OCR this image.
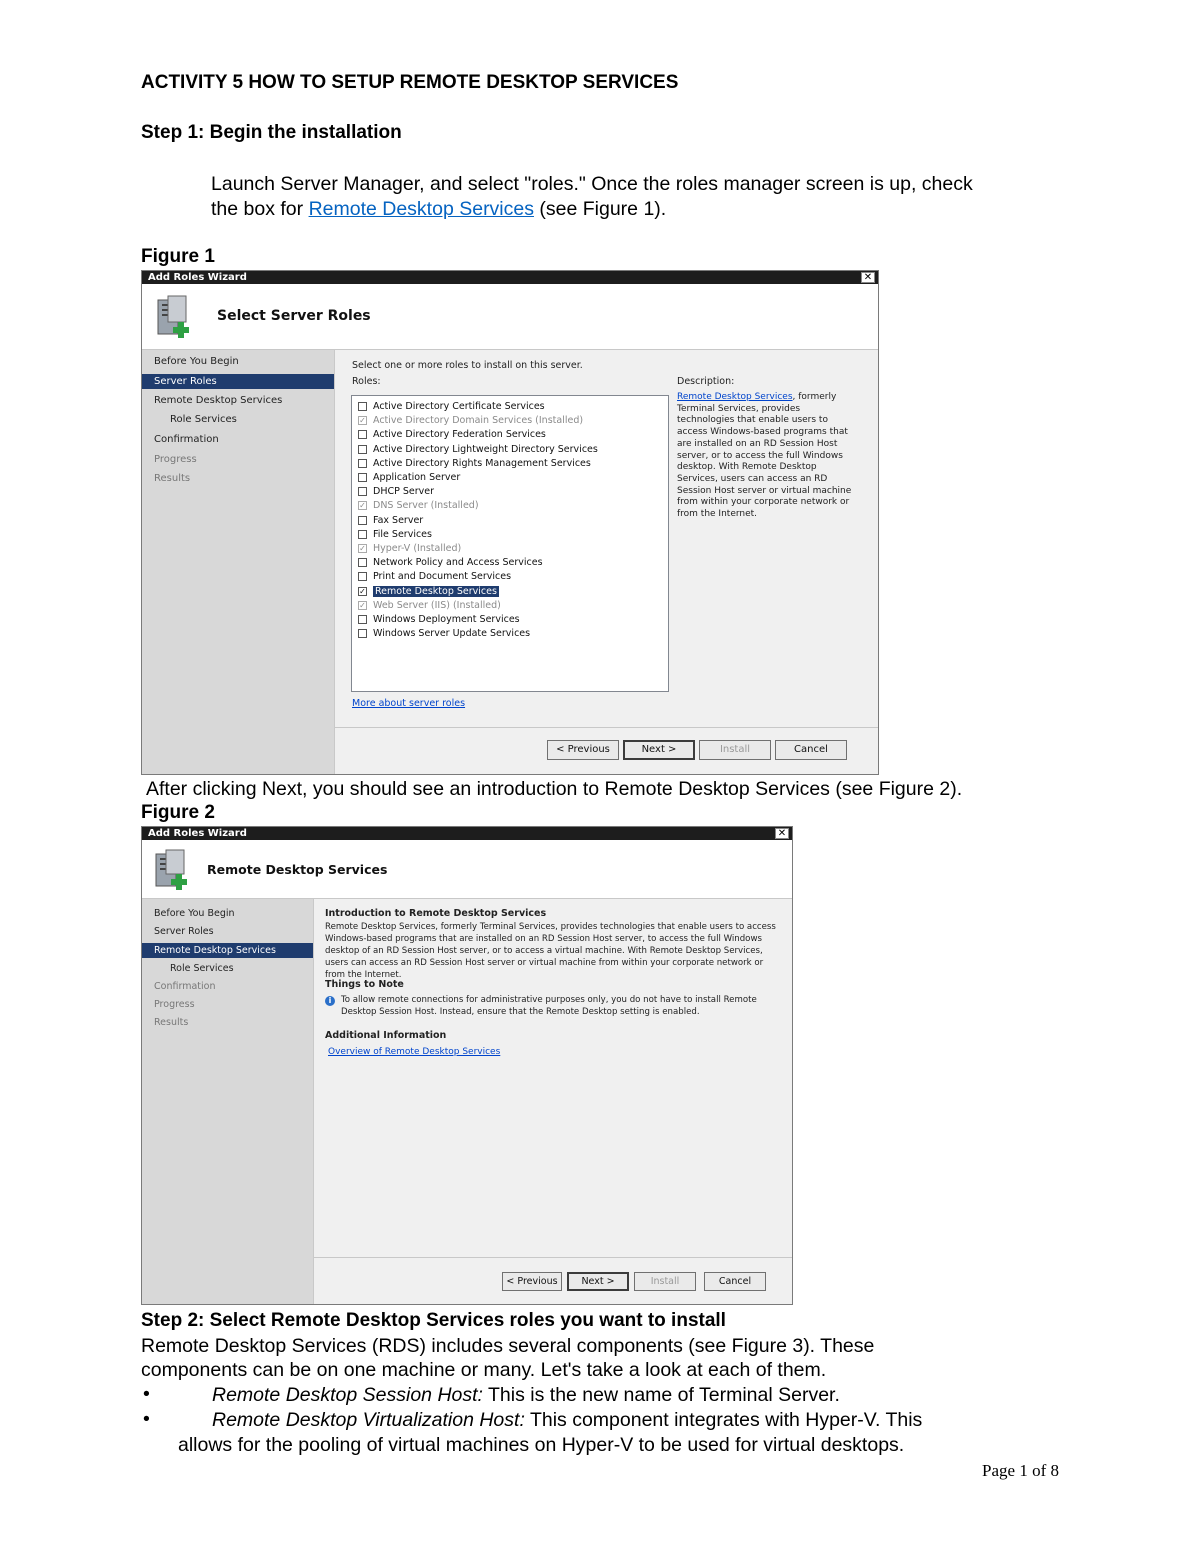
ACTIVITY 5 HOW TO SETUP REMOTE DESKTOP SERVICES
Step 1: Begin the installation
Launch Server Manager, and select "roles." Once the roles manager screen is up, check
the box for Remote Desktop Services (see Figure 1).
Figure 1
Add Roles Wizard	✕
Select Server Roles
Before You Begin
Server Roles
Remote Desktop Services
Role Services
Confirmation
Progress
Results
Select one or more roles to install on this server.
Roles:
Active Directory Certificate Services
✓ Active Directory Domain Services (Installed)
Active Directory Federation Services
Active Directory Lightweight Directory Services
Active Directory Rights Management Services
Application Server
DHCP Server
✓ DNS Server (Installed)
Fax Server
File Services
✓ Hyper-V (Installed)
Network Policy and Access Services
Print and Document Services
✓ Remote Desktop Services
✓ Web Server (IIS) (Installed)
Windows Deployment Services
Windows Server Update Services
Description:
Remote Desktop Services, formerly Terminal Services, provides technologies that enable users to access Windows-based programs that are installed on an RD Session Host server, or to access the full Windows desktop. With Remote Desktop Services, users can access an RD Session Host server or virtual machine from within your corporate network or from the Internet.
More about server roles
< Previous	Next >	Install	Cancel
After clicking Next, you should see an introduction to Remote Desktop Services (see Figure 2).
Figure 2
Add Roles Wizard	✕
Remote Desktop Services
Before You Begin
Server Roles
Remote Desktop Services
Role Services
Confirmation
Progress
Results
Introduction to Remote Desktop Services
Remote Desktop Services, formerly Terminal Services, provides technologies that enable users to access Windows-based programs that are installed on an RD Session Host server, to access the full Windows desktop of an RD Session Host server, or to access a virtual machine. With Remote Desktop Services, users can access an RD Session Host server or virtual machine from within your corporate network or from the Internet.
Things to Note
i	To allow remote connections for administrative purposes only, you do not have to install Remote Desktop Session Host. Instead, ensure that the Remote Desktop setting is enabled.
Additional Information
Overview of Remote Desktop Services
< Previous	Next >	Install	Cancel
Step 2: Select Remote Desktop Services roles you want to install
Remote Desktop Services (RDS) includes several components (see Figure 3). These
components can be on one machine or many. Let's take a look at each of them.
•	Remote Desktop Session Host: This is the new name of Terminal Server.
•	Remote Desktop Virtualization Host: This component integrates with Hyper-V. This
allows for the pooling of virtual machines on Hyper-V to be used for virtual desktops.
Page 1 of 8
